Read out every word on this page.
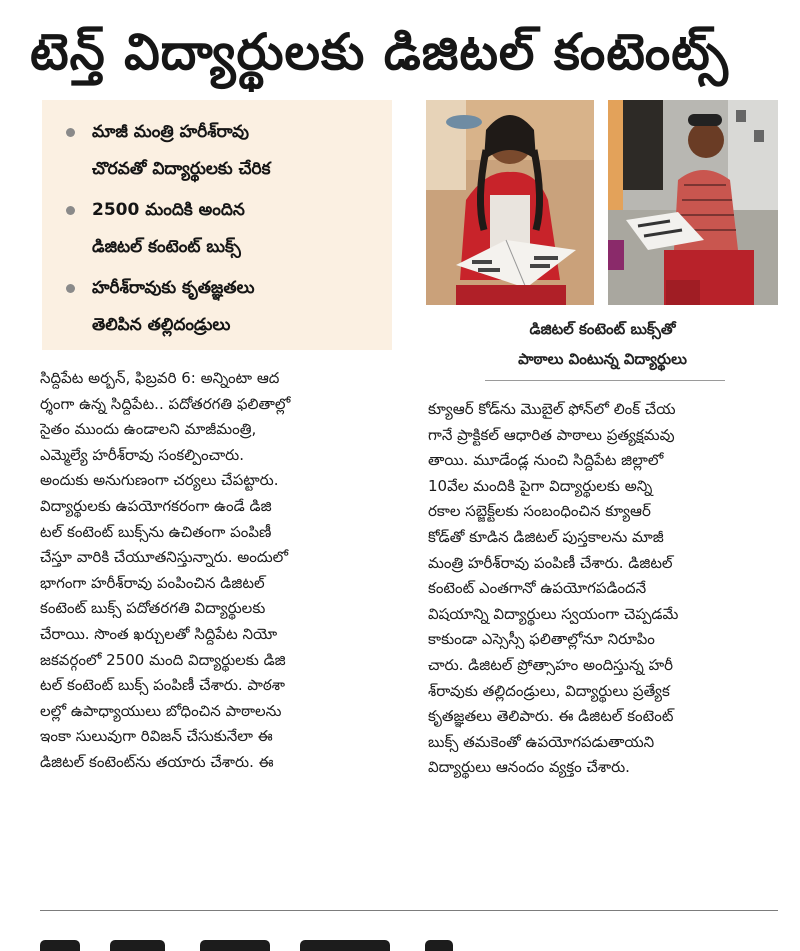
టెన్త్ విద్యార్థులకు డిజిటల్ కంటెంట్స్
మాజీ మంత్రి హరీశ్‌రావు
చొరవతో విద్యార్థులకు చేరిక
2500 మందికి అందిన
డిజిటల్ కంటెంట్ బుక్స్
హరీశ్‌రావుకు కృతజ్ఞతలు
తెలిపిన తల్లిదండ్రులు	డిజిటల్ కంటెంట్ బుక్స్‌తో
పాఠాలు వింటున్న విద్యార్థులు
సిద్దిపేట అర్బన్, ఫిబ్రవరి 6: అన్నింటా ఆద
ర్శంగా ఉన్న సిద్దిపేట.. పదోతరగతి ఫలితాల్లో
సైతం ముందు ఉండాలని మాజీమంత్రి,
ఎమ్మెల్యే హరీశ్‌రావు సంకల్పించారు.
అందుకు అనుగుణంగా చర్యలు చేపట్టారు.
విద్యార్థులకు ఉపయోగకరంగా ఉండే డిజి
టల్ కంటెంట్ బుక్స్‌ను ఉచితంగా పంపిణీ
చేస్తూ వారికి చేయూతనిస్తున్నారు. అందులో
భాగంగా హరీశ్‌రావు పంపించిన డిజిటల్
కంటెంట్ బుక్స్ పదోతరగతి విద్యార్థులకు
చేరాయి. సొంత ఖర్చులతో సిద్దిపేట నియో
జకవర్గంలో 2500 మంది విద్యార్థులకు డిజి
టల్ కంటెంట్ బుక్స్ పంపిణీ చేశారు. పాఠశా
లల్లో ఉపాధ్యాయులు బోధించిన పాఠాలను
ఇంకా సులువుగా రివిజన్ చేసుకునేలా ఈ
డిజిటల్ కంటెంట్‌ను తయారు చేశారు. ఈ
క్యూఆర్ కోడ్‌ను మొబైల్ ఫోన్‌లో లింక్ చేయ
గానే ప్రాక్టికల్ ఆధారిత పాఠాలు ప్రత్యక్షమవు
తాయి. మూడేండ్ల నుంచి సిద్దిపేట జిల్లాలో
10వేల మందికి పైగా విద్యార్థులకు అన్ని
రకాల సబ్జెక్ట్‌లకు సంబంధించిన క్యూఆర్
కోడ్‌తో కూడిన డిజిటల్ పుస్తకాలను మాజీ
మంత్రి హరీశ్‌రావు పంపిణీ చేశారు. డిజిటల్
కంటెంట్ ఎంతగానో ఉపయోగపడిందనే
విషయాన్ని విద్యార్థులు స్వయంగా చెప్పడమే
కాకుండా ఎస్సెస్సీ ఫలితాల్లోనూ నిరూపిం
చారు. డిజిటల్ ప్రోత్సాహం అందిస్తున్న హరీ
శ్‌రావుకు తల్లిదండ్రులు, విద్యార్థులు ప్రత్యేక
కృతజ్ఞతలు తెలిపారు. ఈ డిజిటల్ కంటెంట్
బుక్స్ తమకెంతో ఉపయోగపడుతాయని
విద్యార్థులు ఆనందం వ్యక్తం చేశారు.
